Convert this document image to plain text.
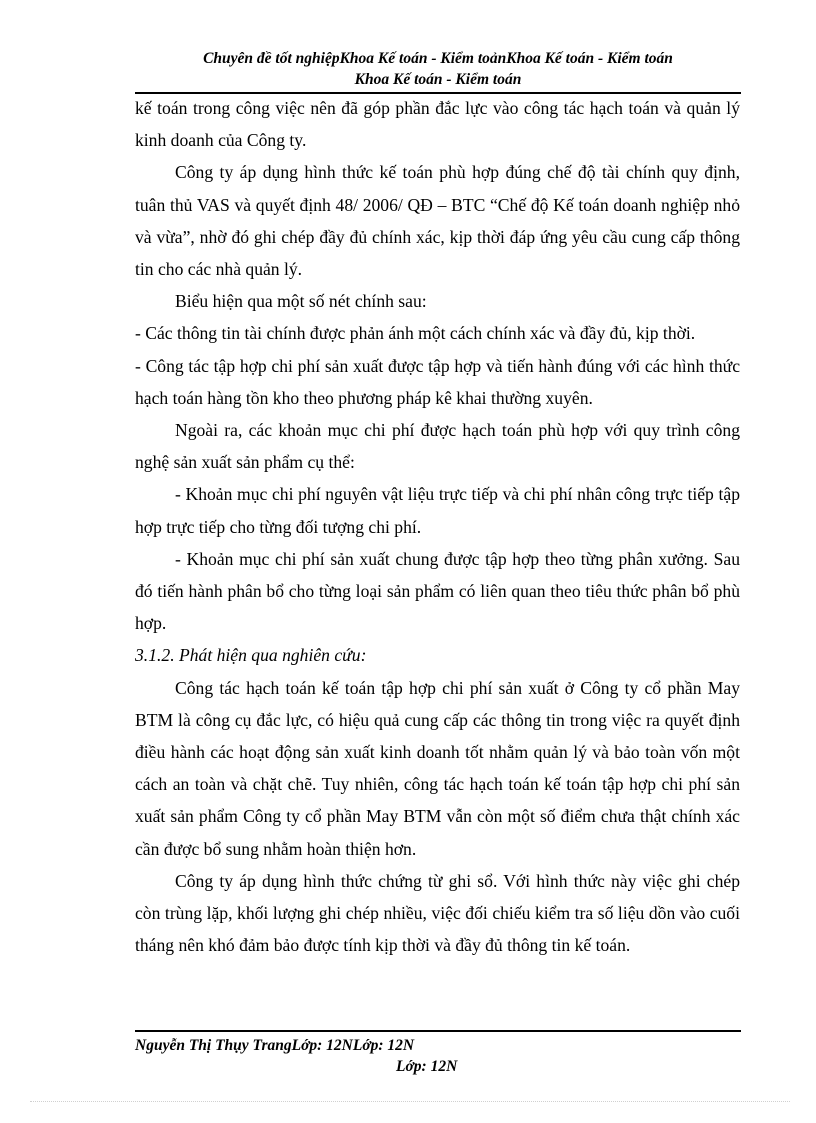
Chuyên đề tốt nghiệpKhoa Kế toán - Kiểm toảnKhoa Kế toán - Kiểm toán
Khoa Kế toán - Kiểm toán

kế toán trong công việc nên đã góp phần đắc lực vào công tác hạch toán và quản lý kinh doanh của Công ty.

Công ty áp dụng hình thức kế toán phù hợp đúng chế độ tài chính quy định, tuân thủ VAS và quyết định 48/ 2006/ QĐ – BTC “Chế độ Kế toán doanh nghiệp nhỏ và vừa”, nhờ đó ghi chép đầy đủ chính xác, kịp thời đáp ứng yêu cầu cung cấp thông tin cho các nhà quản lý.

Biểu hiện qua một số nét chính sau:

- Các thông tin tài chính được phản ánh một cách chính xác và đầy đủ, kịp thời.

- Công tác tập hợp chi phí sản xuất được tập hợp và tiến hành đúng với các hình thức hạch toán hàng tồn kho theo phương pháp kê khai thường xuyên.

Ngoài ra, các khoản mục chi phí được hạch toán phù hợp với quy trình công nghệ sản xuất sản phẩm cụ thể:

- Khoản mục chi phí nguyên vật liệu trực tiếp và chi phí nhân công trực tiếp tập hợp trực tiếp cho từng đối tượng chi phí.

- Khoản mục chi phí sản xuất chung được tập hợp theo từng phân xưởng. Sau đó tiến hành phân bổ cho từng loại sản phẩm có liên quan theo tiêu thức phân bổ phù hợp.

3.1.2. Phát hiện qua nghiên cứu:

Công tác hạch toán kế toán tập hợp chi phí sản xuất ở Công ty cổ phần May BTM là công cụ đắc lực, có hiệu quả cung cấp các thông tin trong việc ra quyết định điều hành các hoạt động sản xuất kinh doanh tốt nhằm quản lý và bảo toàn vốn một cách an toàn và chặt chẽ. Tuy nhiên, công tác hạch toán kế toán tập hợp chi phí sản xuất sản phẩm Công ty cổ phần May BTM vẫn còn một số điểm chưa thật chính xác cần được bổ sung nhằm hoàn thiện hơn.

Công ty áp dụng hình thức chứng từ ghi sổ. Với hình thức này việc ghi chép còn trùng lặp, khối lượng ghi chép nhiều, việc đối chiếu kiểm tra số liệu dồn vào cuối tháng nên khó đảm bảo được tính kịp thời và đầy đủ thông tin kế toán.

Nguyễn Thị Thụy TrangLớp: 12NLớp: 12N
Lớp: 12N
